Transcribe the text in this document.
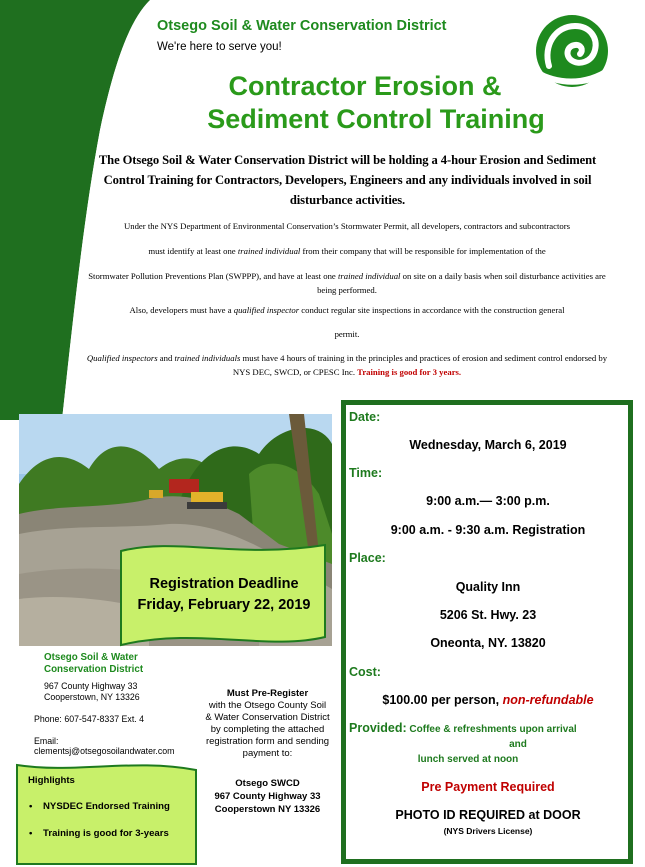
Otsego Soil & Water Conservation District
We're here to serve you!
Contractor Erosion &
Sediment Control Training
The Otsego Soil & Water Conservation District will be holding a 4-hour Erosion and Sediment Control Training for Contractors, Developers, Engineers and any individuals involved in soil disturbance activities.
Under the NYS Department of Environmental Conservation’s Stormwater Permit, all developers, contractors and subcontractors
must identify at least one trained individual from their company that will be responsible for implementation of the
Stormwater Pollution Preventions Plan (SWPPP), and have at least one trained individual on site on a daily basis when soil disturbance activities are being performed.
Also, developers must have a qualified inspector conduct regular site inspections in accordance with the construction general
permit.
Qualified inspectors and trained individuals must have 4 hours of training in the principles and practices of erosion and sediment control endorsed by NYS DEC, SWCD, or CPESC Inc. Training is good for 3 years.
Registration Deadline
Friday, February 22, 2019
Otsego Soil & Water
Conservation District
967 County Highway 33
Cooperstown, NY 13326
Phone: 607-547-8337 Ext. 4
Email:
clementsj@otsegosoilandwater.com
Must Pre-Register
with the Otsego County Soil
& Water Conservation District
by completing the attached
registration form and sending
payment to:
Otsego SWCD
967 County Highway 33
Cooperstown NY 13326
Highlights
• NYSDEC Endorsed Training
• Training is good for 3-years
Date:
Wednesday, March 6, 2019
Time:
9:00 a.m.— 3:00 p.m.
9:00 a.m. - 9:30 a.m. Registration
Place:
Quality Inn
5206 St. Hwy. 23
Oneonta, NY. 13820
Cost:
$100.00 per person, non-refundable
Provided: Coffee & refreshments upon arrival
and
lunch served at noon
Pre Payment Required
PHOTO ID REQUIRED at DOOR
(NYS Drivers License)
